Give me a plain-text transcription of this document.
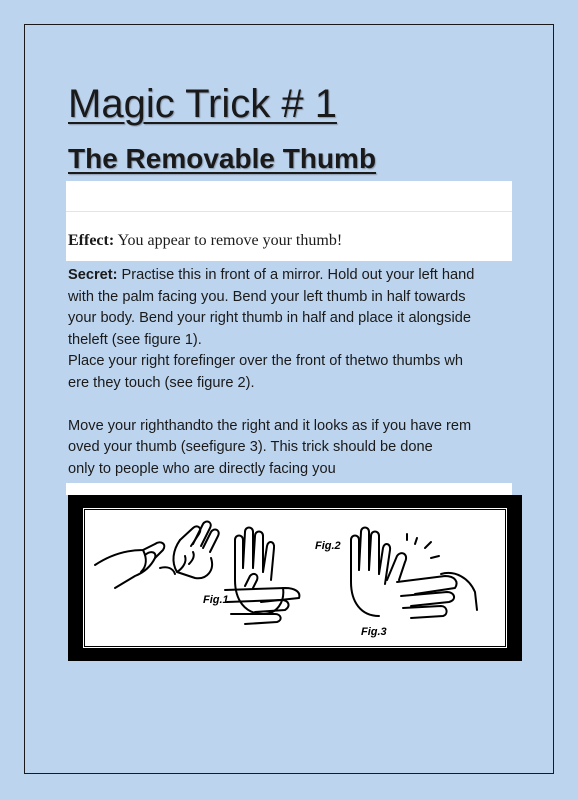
Magic Trick # 1
The Removable Thumb
Effect: You appear to remove your thumb!
Secret: Practise this in front of a mirror. Hold out your left hand
with the palm facing you. Bend your left thumb in half towards
your body. Bend your right thumb in half and place it alongside
theleft (see figure 1).
Place your right forefinger over the front of thetwo thumbs wh
ere they touch (see figure 2).
Move your righthandto the right and it looks as if you have rem
oved your thumb (seefigure 3). This trick should be done
only to people who are directly facing you
Fig.1
Fig.2
Fig.3
